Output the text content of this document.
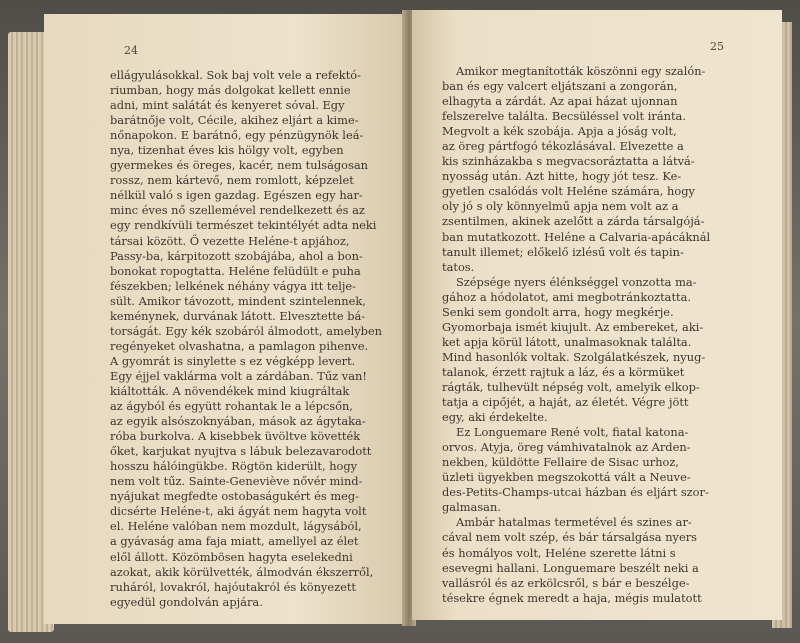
24
ellágyulásokkal. Sok baj volt vele a refektó-
riumban, hogy más dolgokat kellett ennie
adni, mint salátát és kenyeret sóval. Egy
barátnője volt, Cécile, akihez eljárt a kime-
nőnapokon. E barátnő, egy pénzügynök leá-
nya, tizenhat éves kis hölgy volt, egyben
gyermekes és öreges, kacér, nem tulságosan
rossz, nem kártevő, nem romlott, képzelet
nélkül való s igen gazdag. Egészen egy har-
minc éves nő szellemével rendelkezett és az
egy rendkívüli természet tekintélyét adta neki
társai között. Ő vezette Heléne-t apjához,
Passy-ba, kárpitozott szobájába, ahol a bon-
bonokat ropogtatta. Heléne felüdült e puha
fészekben; lelkének néhány vágya itt telje-
sült. Amikor távozott, mindent szintelennek,
keménynek, durvának látott. Elvesztette bá-
torságát. Egy kék szobáról álmodott, amelyben
regényeket olvashatna, a pamlagon pihenve.
A gyomrát is sinylette s ez végképp levert.
Egy éjjel vaklárma volt a zárdában. Tűz van!
kiáltották. A növendékek mind kiugráltak
az ágyból és együtt rohantak le a lépcsőn,
az egyik alsószoknyában, mások az ágytaka-
róba burkolva. A kisebbek üvöltve követték
őket, karjukat nyujtva s lábuk belezavarodott
hosszu hálóingükbe. Rögtön kiderült, hogy
nem volt tűz. Sainte-Geneviève nővér mind-
nyájukat megfedte ostobaságukért és meg-
dicsérte Heléne-t, aki ágyát nem hagyta volt
el. Heléne valóban nem mozdult, lágysából,
a gyávaság ama faja miatt, amellyel az élet
elől állott. Közömbösen hagyta eselekedni
azokat, akik körülvették, álmodván ékszerről,
ruháról, lovakról, hajóutakról és könyezett
egyedül gondolván apjára.
25
Amikor megtanították köszönni egy szalón-
ban és egy valcert eljátszani a zongorán,
elhagyta a zárdát. Az apai házat ujonnan
felszerelve találta. Becsüléssel volt iránta.
Megvolt a kék szobája. Apja a jóság volt,
az öreg pártfogó tékozlásával. Elvezette a
kis szinházakba s megvacsoráztatta a látvá-
nyosság után. Azt hitte, hogy jót tesz. Ke-
gyetlen csalódás volt Heléne számára, hogy
oly jó s oly könnyelmű apja nem volt az a
zsentilmen, akinek azelőtt a zárda társalgójá-
ban mutatkozott. Heléne a Calvaria-apácáknál
tanult illemet; előkelő izlésű volt és tapin-
tatos.
Szépsége nyers élénkséggel vonzotta ma-
gához a hódolatot, ami megbotránkoztatta.
Senki sem gondolt arra, hogy megkérje.
Gyomorbaja ismét kiujult. Az embereket, aki-
ket apja körül látott, unalmasoknak találta.
Mind hasonlók voltak. Szolgálatkészek, nyug-
talanok, érzett rajtuk a láz, és a körmüket
rágták, tulhevült népség volt, amelyik elkop-
tatja a cipőjét, a haját, az életét. Végre jött
egy, aki érdekelte.
Ez Longuemare René volt, fiatal katona-
orvos. Atyja, öreg vámhivatalnok az Arden-
nekben, küldötte Fellaire de Sisac urhoz,
üzleti ügyekben megszokottá vált a Neuve-
des-Petits-Champs-utcai házban és eljárt szor-
galmasan.
Ambár hatalmas termetével és szines ar-
cával nem volt szép, és bár társalgása nyers
és homályos volt, Heléne szerette látni s
esevegni hallani. Longuemare beszélt neki a
vallásról és az erkölcsről, s bár e beszélge-
tésekre égnek meredt a haja, mégis mulatott
